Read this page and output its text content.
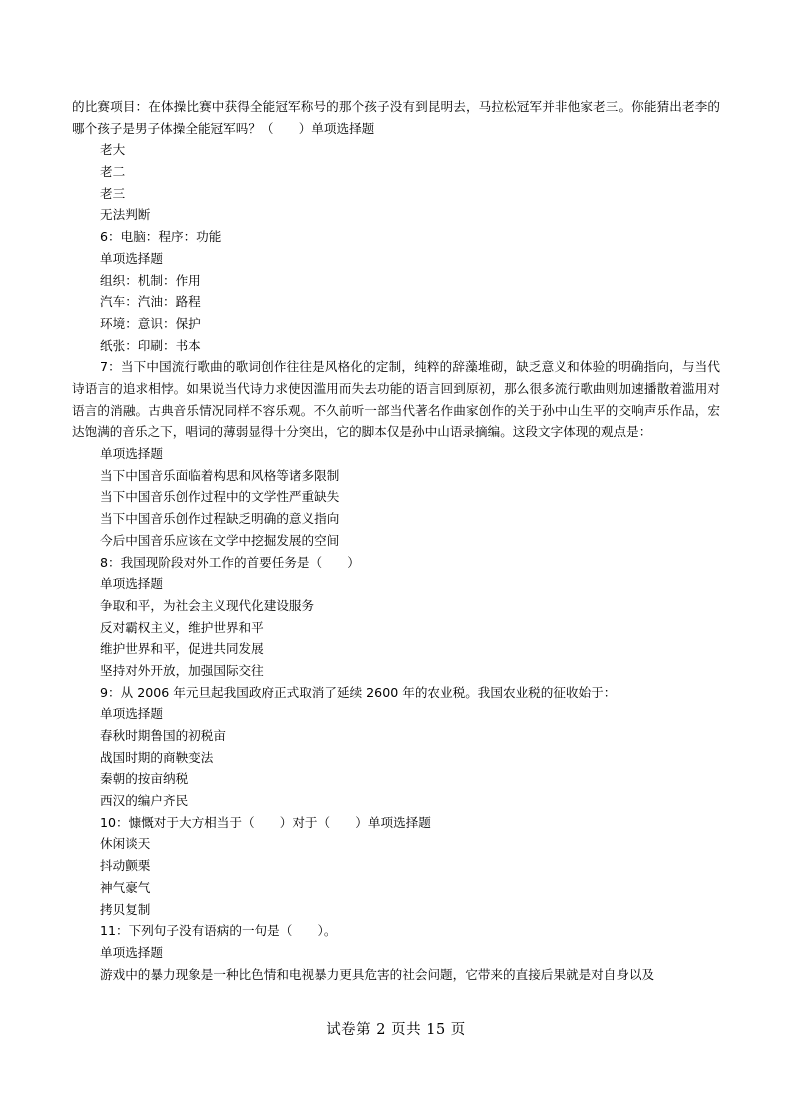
的比赛项目：在体操比赛中获得全能冠军称号的那个孩子没有到昆明去，马拉松冠军并非他家老三。你能猜出老李的哪个孩子是男子体操全能冠军吗？（　　）单项选择题
老大
老二
老三
无法判断
6：电脑：程序：功能
单项选择题
组织：机制：作用
汽车：汽油：路程
环境：意识：保护
纸张：印刷：书本
7：当下中国流行歌曲的歌词创作往往是风格化的定制，纯粹的辞藻堆砌，缺乏意义和体验的明确指向，与当代诗语言的追求相悖。如果说当代诗力求使因滥用而失去功能的语言回到原初，那么很多流行歌曲则加速播散着滥用对语言的消融。古典音乐情况同样不容乐观。不久前听一部当代著名作曲家创作的关于孙中山生平的交响声乐作品，宏达饱满的音乐之下，唱词的薄弱显得十分突出，它的脚本仅是孙中山语录摘编。这段文字体现的观点是：
单项选择题
当下中国音乐面临着构思和风格等诸多限制
当下中国音乐创作过程中的文学性严重缺失
当下中国音乐创作过程缺乏明确的意义指向
今后中国音乐应该在文学中挖掘发展的空间
8：我国现阶段对外工作的首要任务是（　　）
单项选择题
争取和平，为社会主义现代化建设服务
反对霸权主义，维护世界和平
维护世界和平，促进共同发展
坚持对外开放，加强国际交往
9：从 2006 年元旦起我国政府正式取消了延续 2600 年的农业税。我国农业税的征收始于：
单项选择题
春秋时期鲁国的初税亩
战国时期的商鞅变法
秦朝的按亩纳税
西汉的编户齐民
10：慷慨对于大方相当于（　　）对于（　　）单项选择题
休闲谈天
抖动颤栗
神气豪气
拷贝复制
11：下列句子没有语病的一句是（　　）。
单项选择题
游戏中的暴力现象是一种比色情和电视暴力更具危害的社会问题，它带来的直接后果就是对自身以及
试卷第 2 页共 15 页
